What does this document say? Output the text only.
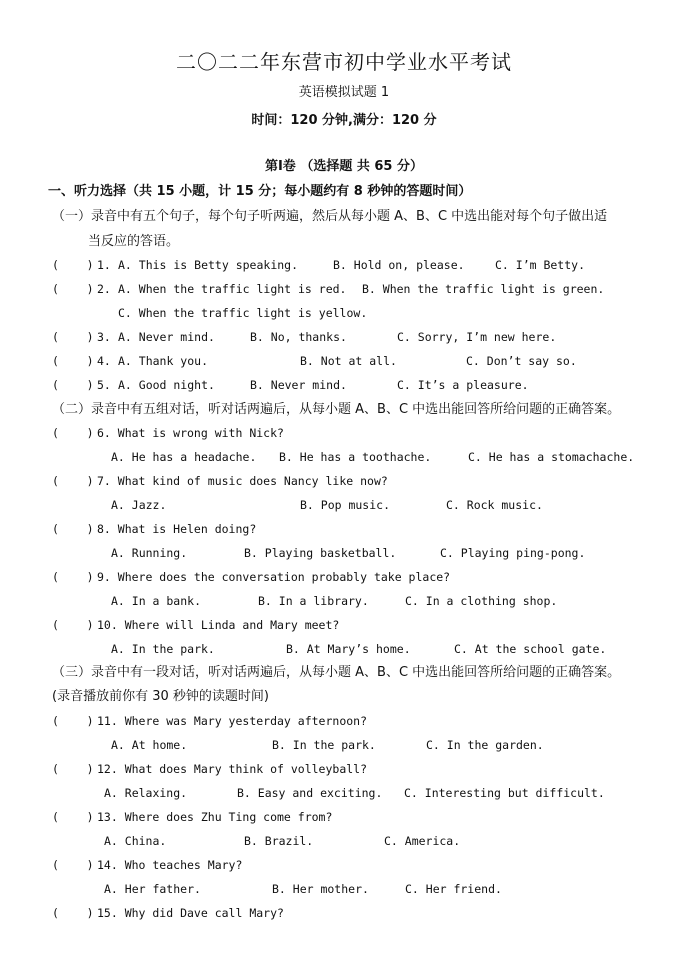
二〇二二年东营市初中学业水平考试
英语模拟试题 1
时间：120 分钟,满分：120 分
第Ⅰ卷 （选择题 共 65 分）
一、听力选择（共 15 小题，计 15 分；每小题约有 8 秒钟的答题时间）
（一）录音中有五个句子，每个句子听两遍，然后从每小题 A、B、C 中选出能对每个句子做出适
当反应的答语。
(    ) 1. A. This is Betty speaking.	B. Hold on, please.	C. I’m Betty.
(    ) 2. A. When the traffic light is red. B. When the traffic light is green.
C. When the traffic light is yellow.
(    ) 3. A. Never mind.	B. No, thanks.	C. Sorry, I’m new here.
(    ) 4. A. Thank you.	B. Not at all.	C. Don’t say so.
(    ) 5. A. Good night.	B. Never mind.	C. It’s a pleasure.
（二）录音中有五组对话，听对话两遍后，从每小题 A、B、C 中选出能回答所给问题的正确答案。
(    ) 6. What is wrong with Nick?
A. He has a headache. B. He has a toothache.	C. He has a stomachache.
(    ) 7. What kind of music does Nancy like now?
A. Jazz.	B. Pop music.	C. Rock music.
(    ) 8. What is Helen doing?
A. Running.	B. Playing basketball.	C. Playing ping-pong.
(    ) 9. Where does the conversation probably take place?
A. In a bank.	B. In a library.	C. In a clothing shop.
(    ) 10. Where will Linda and Mary meet?
A. In the park.	B. At Mary’s home.	C. At the school gate.
（三）录音中有一段对话，听对话两遍后，从每小题 A、B、C 中选出能回答所给问题的正确答案。
(录音播放前你有 30 秒钟的读题时间)
(    ) 11. Where was Mary yesterday afternoon?
A. At home.	B. In the park.	C. In the garden.
(    ) 12. What does Mary think of volleyball?
A. Relaxing.	B. Easy and exciting. C. Interesting but difficult.
(    ) 13. Where does Zhu Ting come from?
A. China.	B. Brazil.	C. America.
(    ) 14. Who teaches Mary?
A. Her father.	B. Her mother.	C. Her friend.
(    ) 15. Why did Dave call Mary?
